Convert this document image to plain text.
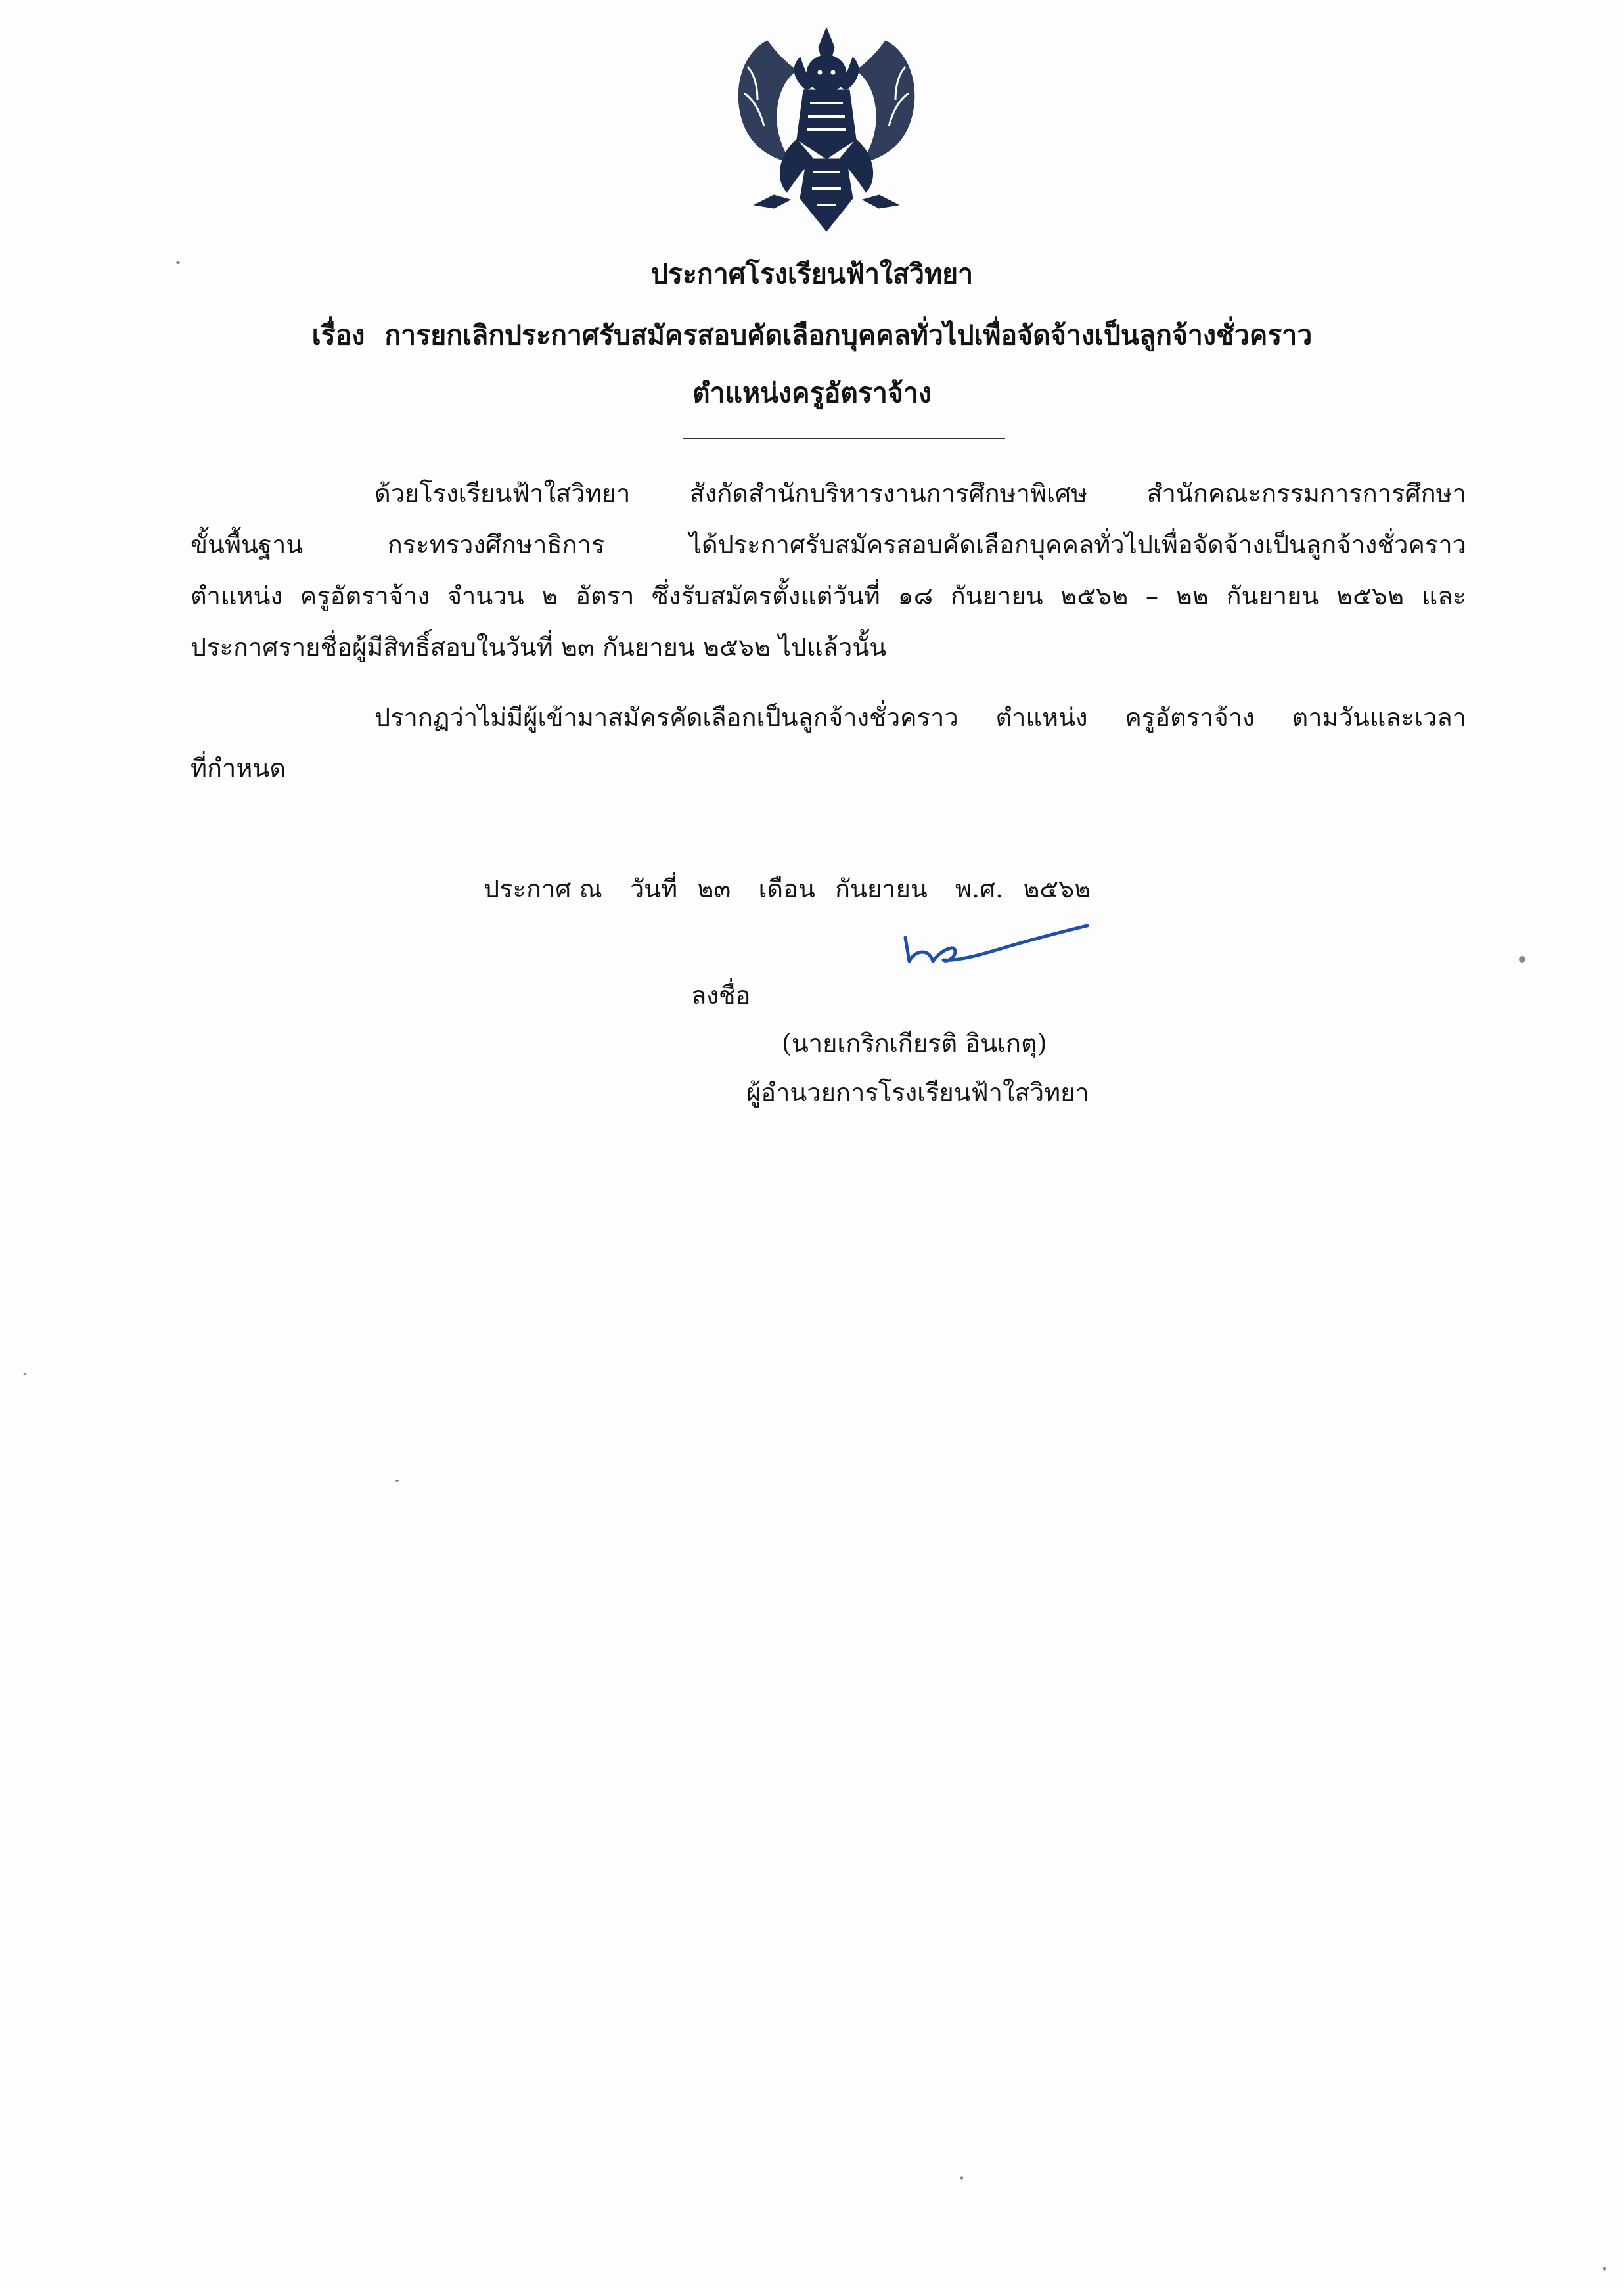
ประกาศโรงเรียนฟ้าใสวิทยา
เรื่อง การยกเลิกประกาศรับสมัครสอบคัดเลือกบุคคลทั่วไปเพื่อจัดจ้างเป็นลูกจ้างชั่วคราว
ตำแหน่งครูอัตราจ้าง
ด้วยโรงเรียนฟ้าใสวิทยา สังกัดสำนักบริหารงานการศึกษาพิเศษ สำนักคณะกรรมการการศึกษา
ขั้นพื้นฐาน กระทรวงศึกษาธิการ ได้ประกาศรับสมัครสอบคัดเลือกบุคคลทั่วไปเพื่อจัดจ้างเป็นลูกจ้างชั่วคราว
ตำแหน่ง ครูอัตราจ้าง จำนวน ๒ อัตรา ซึ่งรับสมัครตั้งแต่วันที่ ๑๘ กันยายน ๒๕๖๒ – ๒๒ กันยายน ๒๕๖๒ และ
ประกาศรายชื่อผู้มีสิทธิ์สอบในวันที่ ๒๓ กันยายน ๒๕๖๒ ไปแล้วนั้น
ปรากฏว่าไม่มีผู้เข้ามาสมัครคัดเลือกเป็นลูกจ้างชั่วคราว ตำแหน่ง ครูอัตราจ้าง ตามวันและเวลา
ที่กำหนด
ประกาศ ณ วันที่ ๒๓ เดือน กันยายน พ.ศ. ๒๕๖๒
ลงชื่อ
(นายเกริกเกียรติ อินเกตุ)
ผู้อำนวยการโรงเรียนฟ้าใสวิทยา
